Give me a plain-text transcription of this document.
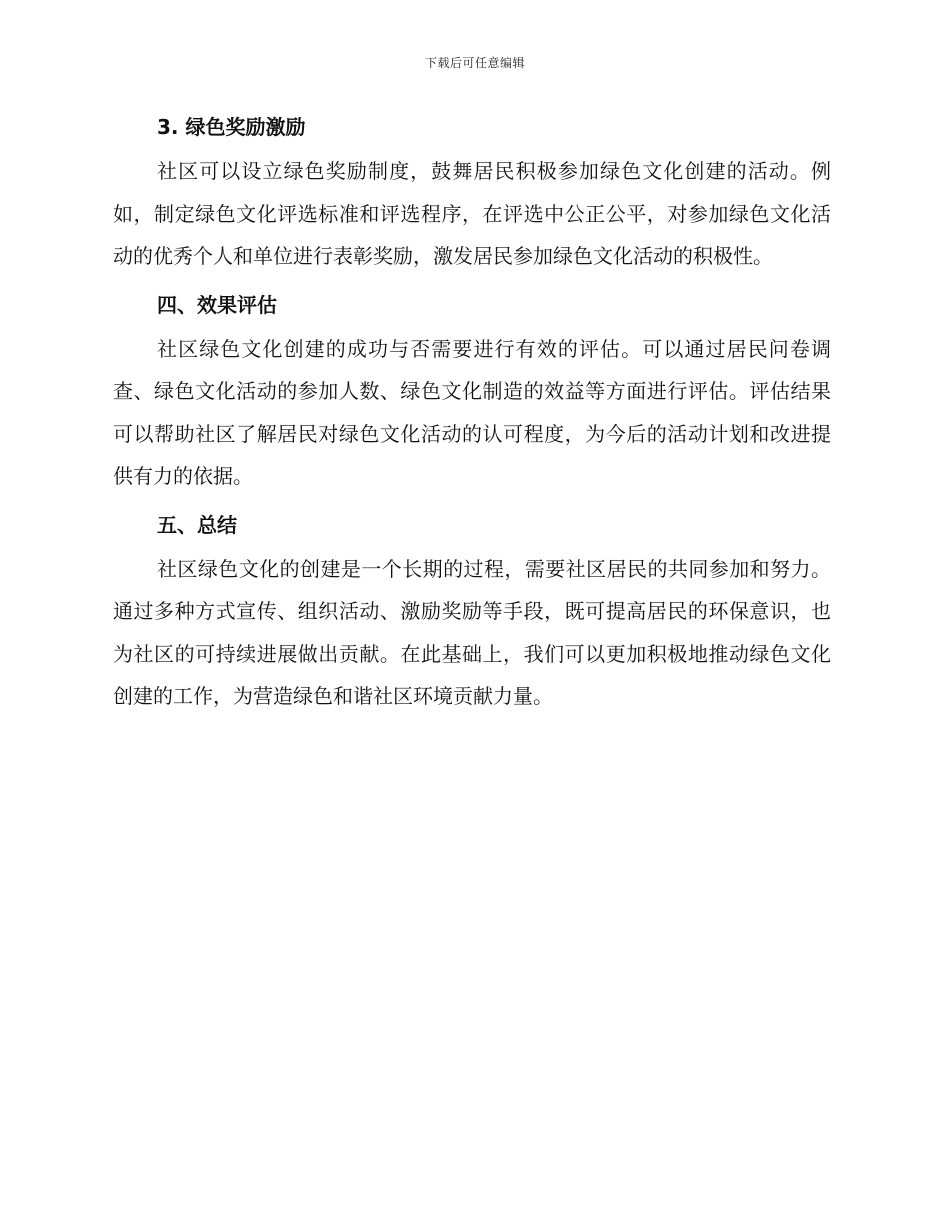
下载后可任意编辑
3. 绿色奖励激励

社区可以设立绿色奖励制度，鼓舞居民积极参加绿色文化创建的活动。例如，制定绿色文化评选标准和评选程序，在评选中公正公平，对参加绿色文化活动的优秀个人和单位进行表彰奖励，激发居民参加绿色文化活动的积极性。

四、效果评估

社区绿色文化创建的成功与否需要进行有效的评估。可以通过居民问卷调查、绿色文化活动的参加人数、绿色文化制造的效益等方面进行评估。评估结果可以帮助社区了解居民对绿色文化活动的认可程度，为今后的活动计划和改进提供有力的依据。

五、总结

社区绿色文化的创建是一个长期的过程，需要社区居民的共同参加和努力。通过多种方式宣传、组织活动、激励奖励等手段，既可提高居民的环保意识，也为社区的可持续进展做出贡献。在此基础上，我们可以更加积极地推动绿色文化创建的工作，为营造绿色和谐社区环境贡献力量。
